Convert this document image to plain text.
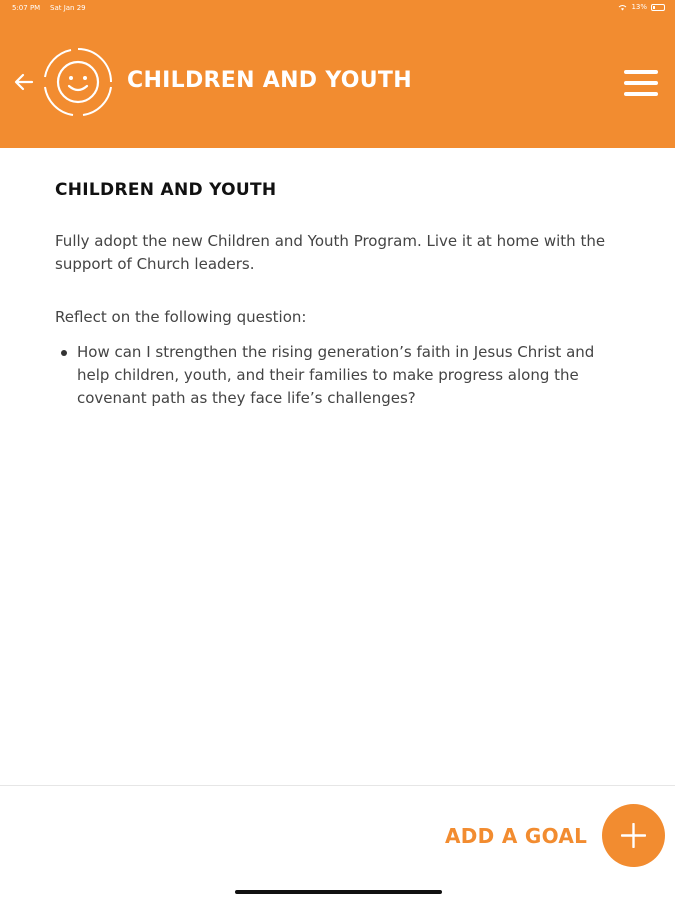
5:07 PM Sat Jan 29	13%
CHILDREN AND YOUTH
CHILDREN AND YOUTH

Fully adopt the new Children and Youth Program. Live it at home with the support of Church leaders.

Reflect on the following question:

How can I strengthen the rising generation’s faith in Jesus Christ and help children, youth, and their families to make progress along the covenant path as they face life’s challenges?
ADD A GOAL
